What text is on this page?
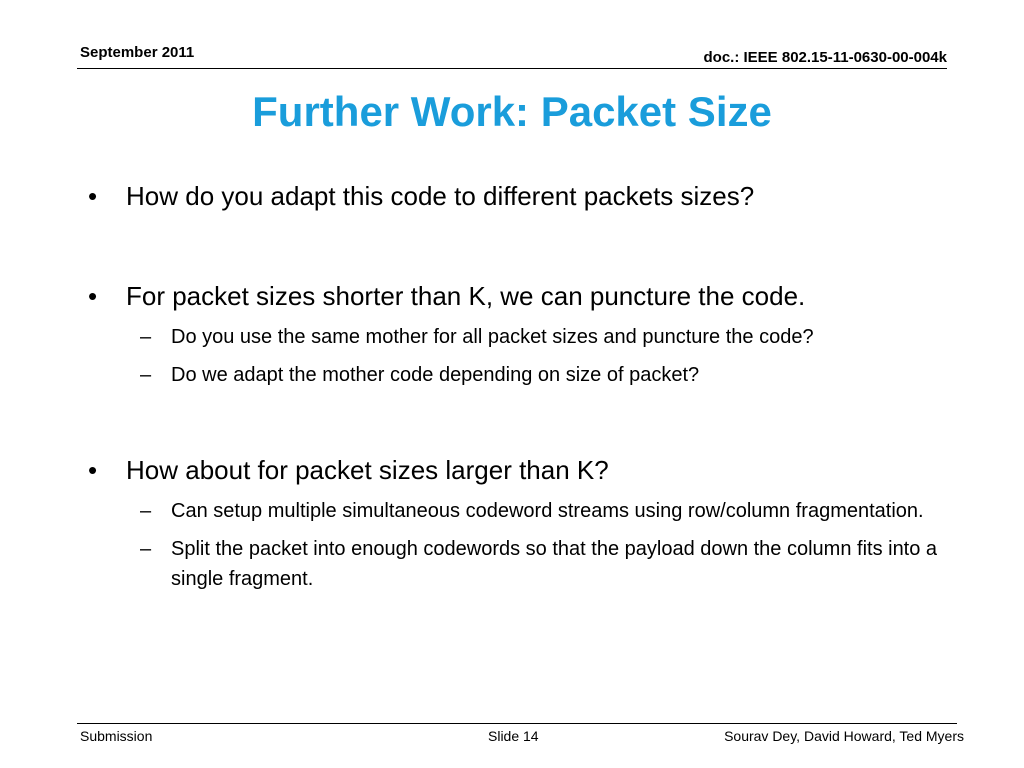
September 2011	doc.: IEEE 802.15-11-0630-00-004k
Further Work: Packet Size
• How do you adapt this code to different packets sizes?
• For packet sizes shorter than K, we can puncture the code.
– Do you use the same mother for all packet sizes and puncture the code?
– Do we adapt the mother code depending on size of packet?
• How about for packet sizes larger than K?
– Can setup multiple simultaneous codeword streams using row/column fragmentation.
– Split the packet into enough codewords so that the payload down the column fits into a single fragment.
Submission	Slide 14	Sourav Dey, David Howard, Ted Myers
